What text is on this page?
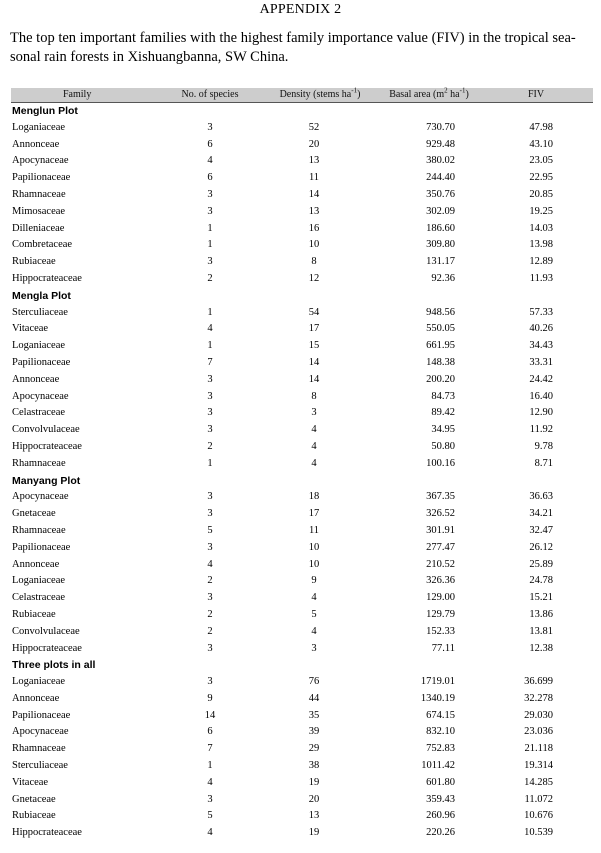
APPENDIX 2
The top ten important families with the highest family importance value (FIV) in the tropical sea-sonal rain forests in Xishuangbanna, SW China.
Family	No. of species	Density (stems $ha^{-1}$)	Basal area ($m^2$ $ha^{-1}$)	FIV
Menglun Plot
Loganiaceae	3	52	730.70	47.98
Annonceae	6	20	929.48	43.10
Apocynaceae	4	13	380.02	23.05
Papilionaceae	6	11	244.40	22.95
Rhamnaceae	3	14	350.76	20.85
Mimosaceae	3	13	302.09	19.25
Dilleniaceae	1	16	186.60	14.03
Combretaceae	1	10	309.80	13.98
Rubiaceae	3	8	131.17	12.89
Hippocrateaceae	2	12	92.36	11.93
Mengla Plot
Sterculiaceae	1	54	948.56	57.33
Vitaceae	4	17	550.05	40.26
Loganiaceae	1	15	661.95	34.43
Papilionaceae	7	14	148.38	33.31
Annonceae	3	14	200.20	24.42
Apocynaceae	3	8	84.73	16.40
Celastraceae	3	3	89.42	12.90
Convolvulaceae	3	4	34.95	11.92
Hippocrateaceae	2	4	50.80	9.78
Rhamnaceae	1	4	100.16	8.71
Manyang Plot
Apocynaceae	3	18	367.35	36.63
Gnetaceae	3	17	326.52	34.21
Rhamnaceae	5	11	301.91	32.47
Papilionaceae	3	10	277.47	26.12
Annonceae	4	10	210.52	25.89
Loganiaceae	2	9	326.36	24.78
Celastraceae	3	4	129.00	15.21
Rubiaceae	2	5	129.79	13.86
Convolvulaceae	2	4	152.33	13.81
Hippocrateaceae	3	3	77.11	12.38
Three plots in all
Loganiaceae	3	76	1719.01	36.699
Annonceae	9	44	1340.19	32.278
Papilionaceae	14	35	674.15	29.030
Apocynaceae	6	39	832.10	23.036
Rhamnaceae	7	29	752.83	21.118
Sterculiaceae	1	38	1011.42	19.314
Vitaceae	4	19	601.80	14.285
Gnetaceae	3	20	359.43	11.072
Rubiaceae	5	13	260.96	10.676
Hippocrateaceae	4	19	220.26	10.539
